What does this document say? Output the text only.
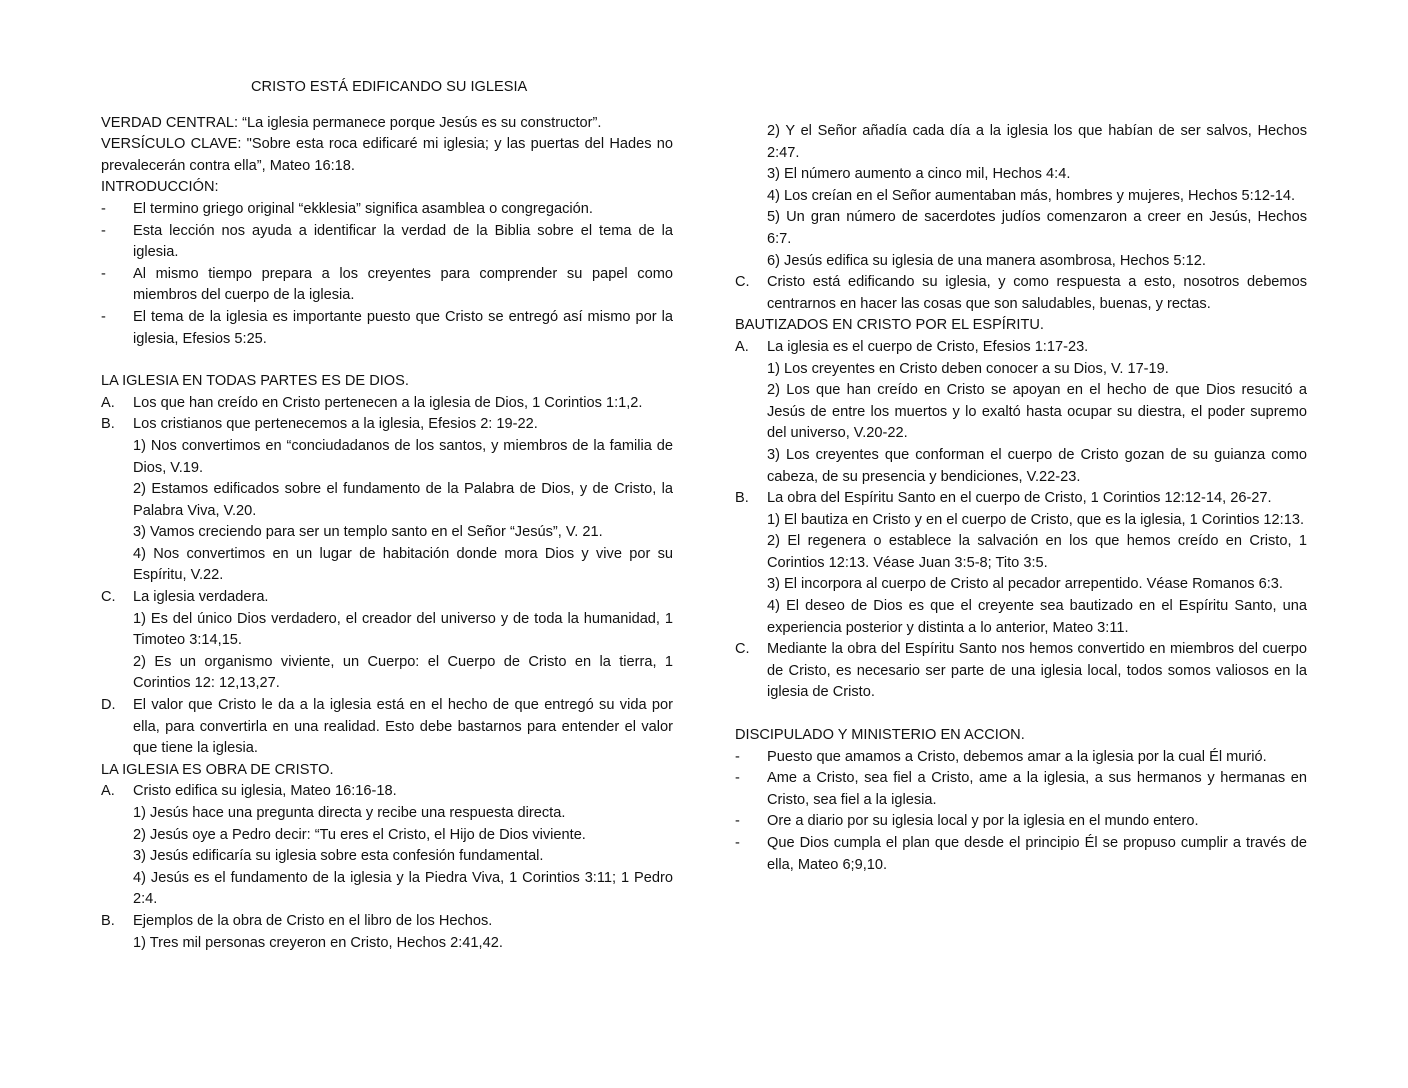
CRISTO ESTÁ EDIFICANDO SU IGLESIA

VERDAD CENTRAL: “La iglesia permanece porque Jesús es su constructor”.

VERSÍCULO CLAVE: "Sobre esta roca edificaré mi iglesia; y las puertas del Hades no prevalecerán contra ella”, Mateo 16:18.

INTRODUCCIÓN:

-	El termino griego original “ekklesia” significa asamblea o congregación.
-	Esta lección nos ayuda a identificar la verdad de la Biblia sobre el tema de la iglesia.
-	Al mismo tiempo prepara a los creyentes para comprender su papel como miembros del cuerpo de la iglesia.
-	El tema de la iglesia es importante puesto que Cristo se entregó así mismo por la iglesia, Efesios 5:25.

LA IGLESIA EN TODAS PARTES ES DE DIOS.

A.	Los que han creído en Cristo pertenecen a la iglesia de Dios, 1 Corintios 1:1,2.
B.	Los cristianos que pertenecemos a la iglesia, Efesios 2: 19-22.
1) Nos convertimos en “conciudadanos de los santos, y miembros de la familia de Dios, V.19.
2) Estamos edificados sobre el fundamento de la Palabra de Dios, y de Cristo, la Palabra Viva, V.20.
3) Vamos creciendo para ser un templo santo en el Señor “Jesús”, V. 21.
4) Nos convertimos en un lugar de habitación donde mora Dios y vive por su Espíritu, V.22.
C.	La iglesia verdadera.
1) Es del único Dios verdadero, el creador del universo y de toda la humanidad, 1 Timoteo 3:14,15.
2) Es un organismo viviente, un Cuerpo: el Cuerpo de Cristo en la tierra, 1 Corintios 12: 12,13,27.
D.	El valor que Cristo le da a la iglesia está en el hecho de que entregó su vida por ella, para convertirla en una realidad. Esto debe bastarnos para entender el valor que tiene la iglesia.

LA IGLESIA ES OBRA DE CRISTO.

A.	Cristo edifica su iglesia, Mateo 16:16-18.
1) Jesús hace una pregunta directa y recibe una respuesta directa.
2) Jesús oye a Pedro decir: “Tu eres el Cristo, el Hijo de Dios viviente.
3) Jesús edificaría su iglesia sobre esta confesión fundamental.
4) Jesús es el fundamento de la iglesia y la Piedra Viva, 1 Corintios 3:11; 1 Pedro 2:4.
B.	Ejemplos de la obra de Cristo en el libro de los Hechos.
1) Tres mil personas creyeron en Cristo, Hechos 2:41,42.
2) Y el Señor añadía cada día a la iglesia los que habían de ser salvos, Hechos 2:47.
3) El número aumento a cinco mil, Hechos 4:4.
4) Los creían en el Señor aumentaban más, hombres y mujeres, Hechos 5:12-14.
5) Un gran número de sacerdotes judíos comenzaron a creer en Jesús, Hechos 6:7.
6) Jesús edifica su iglesia de una manera asombrosa, Hechos 5:12.
C.	Cristo está edificando su iglesia, y como respuesta a esto, nosotros debemos centrarnos en hacer las cosas que son saludables, buenas, y rectas.

BAUTIZADOS EN CRISTO POR EL ESPÍRITU.

A.	La iglesia es el cuerpo de Cristo, Efesios 1:17-23.
1) Los creyentes en Cristo deben conocer a su Dios, V. 17-19.
2) Los que han creído en Cristo se apoyan en el hecho de que Dios resucitó a Jesús de entre los muertos y lo exaltó hasta ocupar su diestra, el poder supremo del universo, V.20-22.
3) Los creyentes que conforman el cuerpo de Cristo gozan de su guianza como cabeza, de su presencia y bendiciones, V.22-23.
B.	La obra del Espíritu Santo en el cuerpo de Cristo, 1 Corintios 12:12-14, 26-27.
1) El bautiza en Cristo y en el cuerpo de Cristo, que es la iglesia, 1 Corintios 12:13.
2) El regenera o establece la salvación en los que hemos creído en Cristo, 1 Corintios 12:13. Véase Juan 3:5-8; Tito 3:5.
3) El incorpora al cuerpo de Cristo al pecador arrepentido. Véase Romanos 6:3.
4) El deseo de Dios es que el creyente sea bautizado en el Espíritu Santo, una experiencia posterior y distinta a lo anterior, Mateo 3:11.
C.	Mediante la obra del Espíritu Santo nos hemos convertido en miembros del cuerpo de Cristo, es necesario ser parte de una iglesia local, todos somos valiosos en la iglesia de Cristo.

DISCIPULADO Y MINISTERIO EN ACCION.

-	Puesto que amamos a Cristo, debemos amar a la iglesia por la cual Él murió.
-	Ame a Cristo, sea fiel a Cristo, ame a la iglesia, a sus hermanos y hermanas en Cristo, sea fiel a la iglesia.
-	Ore a diario por su iglesia local y por la iglesia en el mundo entero.
-	Que Dios cumpla el plan que desde el principio Él se propuso cumplir a través de ella, Mateo 6;9,10.
